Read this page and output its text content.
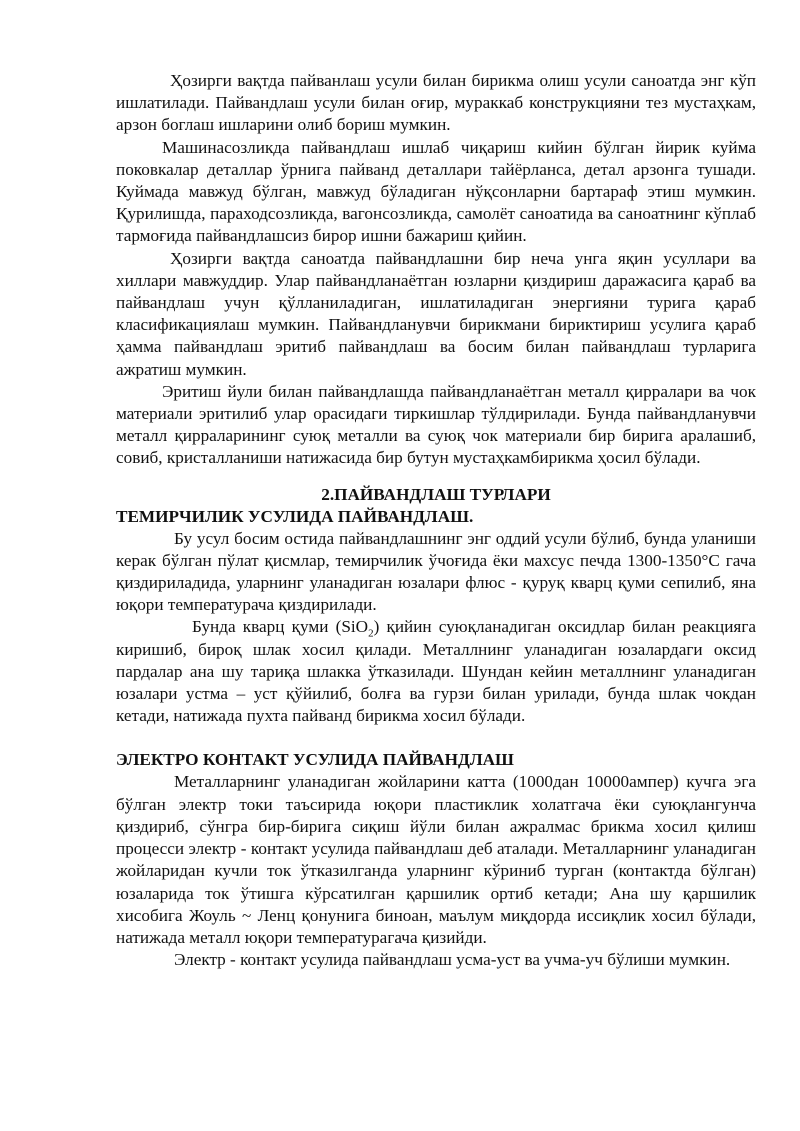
Ҳозирги вақтда пайванлаш усули билан бирикма олиш усули саноатда энг кўп ишлатилади. Пайвандлаш усули билан оғир, мураккаб конструкцияни тез мустаҳкам, арзон боглаш ишларини олиб бориш мумкин.

Машинасозликда пайвандлаш ишлаб чиқариш кийин бўлган йирик куйма поковкалар деталлар ўрнига пайванд деталлари тайёрланса, детал арзонга тушади. Куймада мавжуд бўлган, мавжуд бўладиган нўқсонларни бартараф этиш мумкин. Қурилишда, параходсозликда, вагонсозликда, самолёт саноатида ва саноатнинг кўплаб тармоғида пайвандлашсиз бирор ишни бажариш қийин.

Ҳозирги вақтда саноатда пайвандлашни бир неча унга яқин усуллари ва хиллари мавжуддир. Улар пайвандланаётган юзларни қиздириш даражасига қараб ва пайвандлаш учун қўлланиладиган, ишлатиладиган энергияни турига қараб класификациялаш мумкин. Пайвандланувчи бирикмани бириктириш усулига қараб ҳамма пайвандлаш эритиб пайвандлаш ва босим билан пайвандлаш турларига ажратиш мумкин.

Эритиш йули билан пайвандлашда пайвандланаётган металл қирралари ва чок материали эритилиб улар орасидаги тиркишлар тўлдирилади. Бунда пайвандланувчи металл қирраларининг суюқ металли ва суюқ чок материали бир бирига аралашиб, совиб, кристалланиши натижасида бир бутун мустаҳкамбирикма ҳосил бўлади.

2.ПАЙВАНДЛАШ ТУРЛАРИ
ТЕМИРЧИЛИК УСУЛИДА ПАЙВАНДЛАШ.

Бу усул босим остида пайвандлашнинг энг оддий усули бўлиб, бунда уланиши керак бўлган пўлат қисмлар, темирчилик ўчоғида ёки махсус печда 1300-1350°С гача қиздириладида, уларнинг уланадиган юзалари флюс - қуруқ кварц қуми сепилиб, яна юқори температурача қиздирилади.

Бунда кварц қуми (SiO$_2$) қийин суюқланадиган оксидлар билан реакцияга киришиб, бироқ шлак хосил қилади. Металлнинг уланадиган юзалардаги оксид пардалар ана шу тариқа шлакка ўтказилади. Шундан кейин металлнинг уланадиган юзалари устма – уст қўйилиб, болға ва гурзи билан урилади, бунда шлак чокдан кетади, натижада пухта пайванд бирикма хосил бўлади.

ЭЛЕКТРО КОНТАКТ УСУЛИДА ПАЙВАНДЛАШ

Металларнинг уланадиган жойларини катта (1000дан 10000ампер) кучга эга бўлган электр токи таъсирида юқори пластиклик холатгача ёки суюқлангунча қиздириб, сўнгра бир-бирига сиқиш йўли билан ажралмас брикма хосил қилиш процесси электр - контакт усулида пайвандлаш деб аталади. Металларнинг уланадиган жойларидан кучли ток ўтказилганда уларнинг кўриниб турган (контактда бўлган) юзаларида ток ўтишга кўрсатилган қаршилик ортиб кетади; Ана шу қаршилик хисобига Жоуль ~ Ленц қонунига биноан, маълум миқдорда иссиқлик хосил бўлади, натижада металл юқори температурагача қизийди.

Электр - контакт усулида пайвандлаш усма-уст ва учма-уч бўлиши мумкин.
